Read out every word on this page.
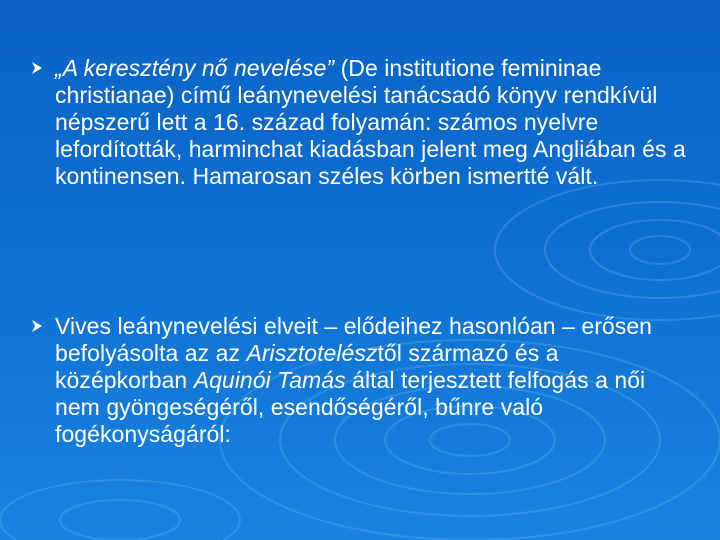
„A keresztény nő nevelése” (De institutione femininae christianae) című leánynevelési tanácsadó könyv rendkívül népszerű lett a 16. század folyamán: számos nyelvre lefordították, harminchat kiadásban jelent meg Angliában és a kontinensen. Hamarosan széles körben ismertté vált.
Vives leánynevelési elveit – elődeihez hasonlóan – erősen befolyásolta az az Arisztotelésztől származó és a középkorban Aquinói Tamás által terjesztett felfogás a női nem gyöngeségéről, esendőségéről, bűnre való fogékonyságáról:
